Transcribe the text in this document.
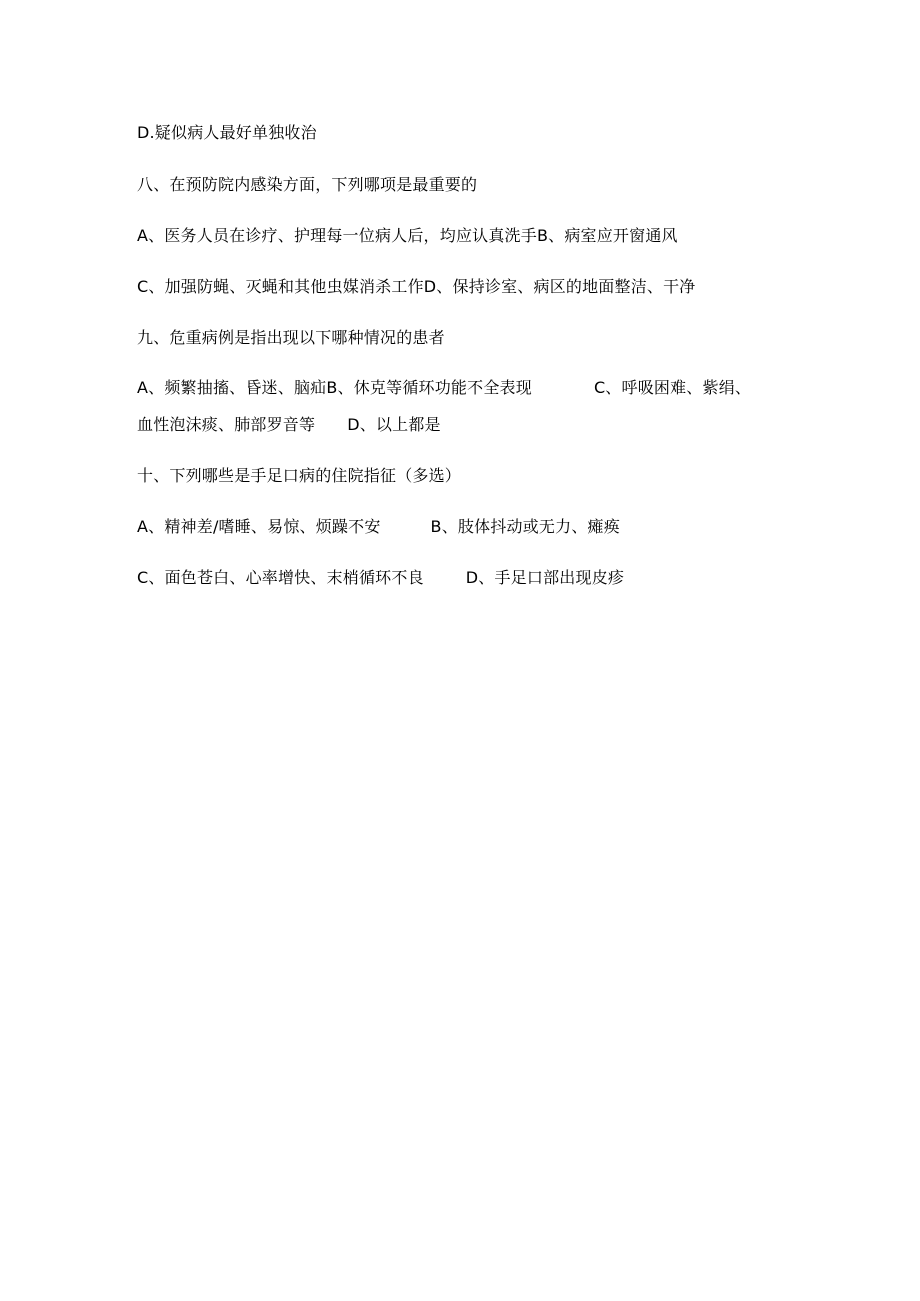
D.疑似病人最好单独收治
八、在预防院内感染方面，下列哪项是最重要的
A、医务人员在诊疗、护理每一位病人后，均应认真洗手B、病室应开窗通风
C、加强防蝇、灭蝇和其他虫媒消杀工作D、保持诊室、病区的地面整洁、干净
九、危重病例是指出现以下哪种情况的患者
A、频繁抽搐、昏迷、脑疝B、休克等循环功能不全表现	C、呼吸困难、紫绢、
血性泡沫痰、肺部罗音等 D、以上都是
十、下列哪些是手足口病的住院指征（多选）
A、精神差/嗜睡、易惊、烦躁不安	B、肢体抖动或无力、瘫痪
C、面色苍白、心率增快、末梢循环不良	D、手足口部出现皮疹
